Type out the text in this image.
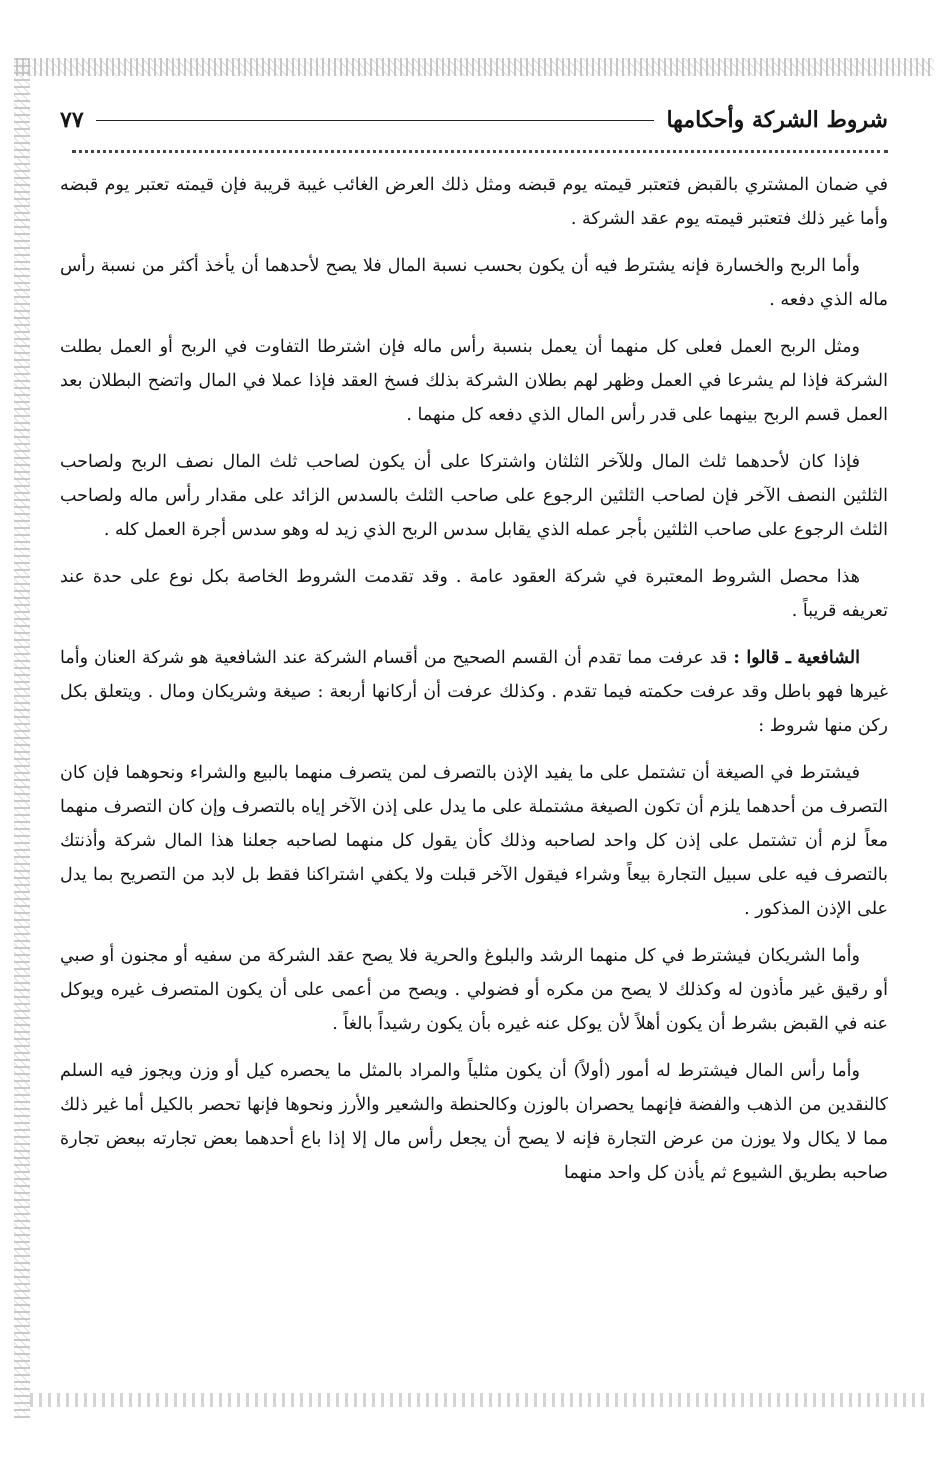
شروط الشركة وأحكامها
٧٧

في ضمان المشتري بالقبض فتعتبر قيمته يوم قبضه ومثل ذلك العرض الغائب غيبة قريبة فإن قيمته تعتبر يوم قبضه وأما غير ذلك فتعتبر قيمته يوم عقد الشركة .

وأما الربح والخسارة فإنه يشترط فيه أن يكون بحسب نسبة المال فلا يصح لأحدهما أن يأخذ أكثر من نسبة رأس ماله الذي دفعه .

ومثل الربح العمل فعلى كل منهما أن يعمل بنسبة رأس ماله فإن اشترطا التفاوت في الربح أو العمل بطلت الشركة فإذا لم يشرعا في العمل وظهر لهم بطلان الشركة بذلك فسخ العقد فإذا عملا في المال واتضح البطلان بعد العمل قسم الربح بينهما على قدر رأس المال الذي دفعه كل منهما .

فإذا كان لأحدهما ثلث المال وللآخر الثلثان واشتركا على أن يكون لصاحب ثلث المال نصف الربح ولصاحب الثلثين النصف الآخر فإن لصاحب الثلثين الرجوع على صاحب الثلث بالسدس الزائد على مقدار رأس ماله ولصاحب الثلث الرجوع على صاحب الثلثين بأجر عمله الذي يقابل سدس الربح الذي زيد له وهو سدس أجرة العمل كله .

هذا محصل الشروط المعتبرة في شركة العقود عامة . وقد تقدمت الشروط الخاصة بكل نوع على حدة عند تعريفه قريباً .

الشافعية ـ قالوا : قد عرفت مما تقدم أن القسم الصحيح من أقسام الشركة عند الشافعية هو شركة العنان وأما غيرها فهو باطل وقد عرفت حكمته فيما تقدم . وكذلك عرفت أن أركانها أربعة : صيغة وشريكان ومال . ويتعلق بكل ركن منها شروط :

فيشترط في الصيغة أن تشتمل على ما يفيد الإذن بالتصرف لمن يتصرف منهما بالبيع والشراء ونحوهما فإن كان التصرف من أحدهما يلزم أن تكون الصيغة مشتملة على ما يدل على إذن الآخر إياه بالتصرف وإن كان التصرف منهما معاً لزم أن تشتمل على إذن كل واحد لصاحبه وذلك كأن يقول كل منهما لصاحبه جعلنا هذا المال شركة وأذنتك بالتصرف فيه على سبيل التجارة بيعاً وشراء فيقول الآخر قبلت ولا يكفي اشتراكنا فقط بل لابد من التصريح بما يدل على الإذن المذكور .

وأما الشريكان فيشترط في كل منهما الرشد والبلوغ والحرية فلا يصح عقد الشركة من سفيه أو مجنون أو صبي أو رقيق غير مأذون له وكذلك لا يصح من مكره أو فضولي . ويصح من أعمى على أن يكون المتصرف غيره ويوكل عنه في القبض بشرط أن يكون أهلاً لأن يوكل عنه غيره بأن يكون رشيداً بالغاً .

وأما رأس المال فيشترط له أمور (أولاً) أن يكون مثلياً والمراد بالمثل ما يحصره كيل أو وزن ويجوز فيه السلم كالنقدين من الذهب والفضة فإنهما يحصران بالوزن وكالحنطة والشعير والأرز ونحوها فإنها تحصر بالكيل أما غير ذلك مما لا يكال ولا يوزن من عرض التجارة فإنه لا يصح أن يجعل رأس مال إلا إذا باع أحدهما بعض تجارته ببعض تجارة صاحبه بطريق الشيوع ثم يأذن كل واحد منهما
